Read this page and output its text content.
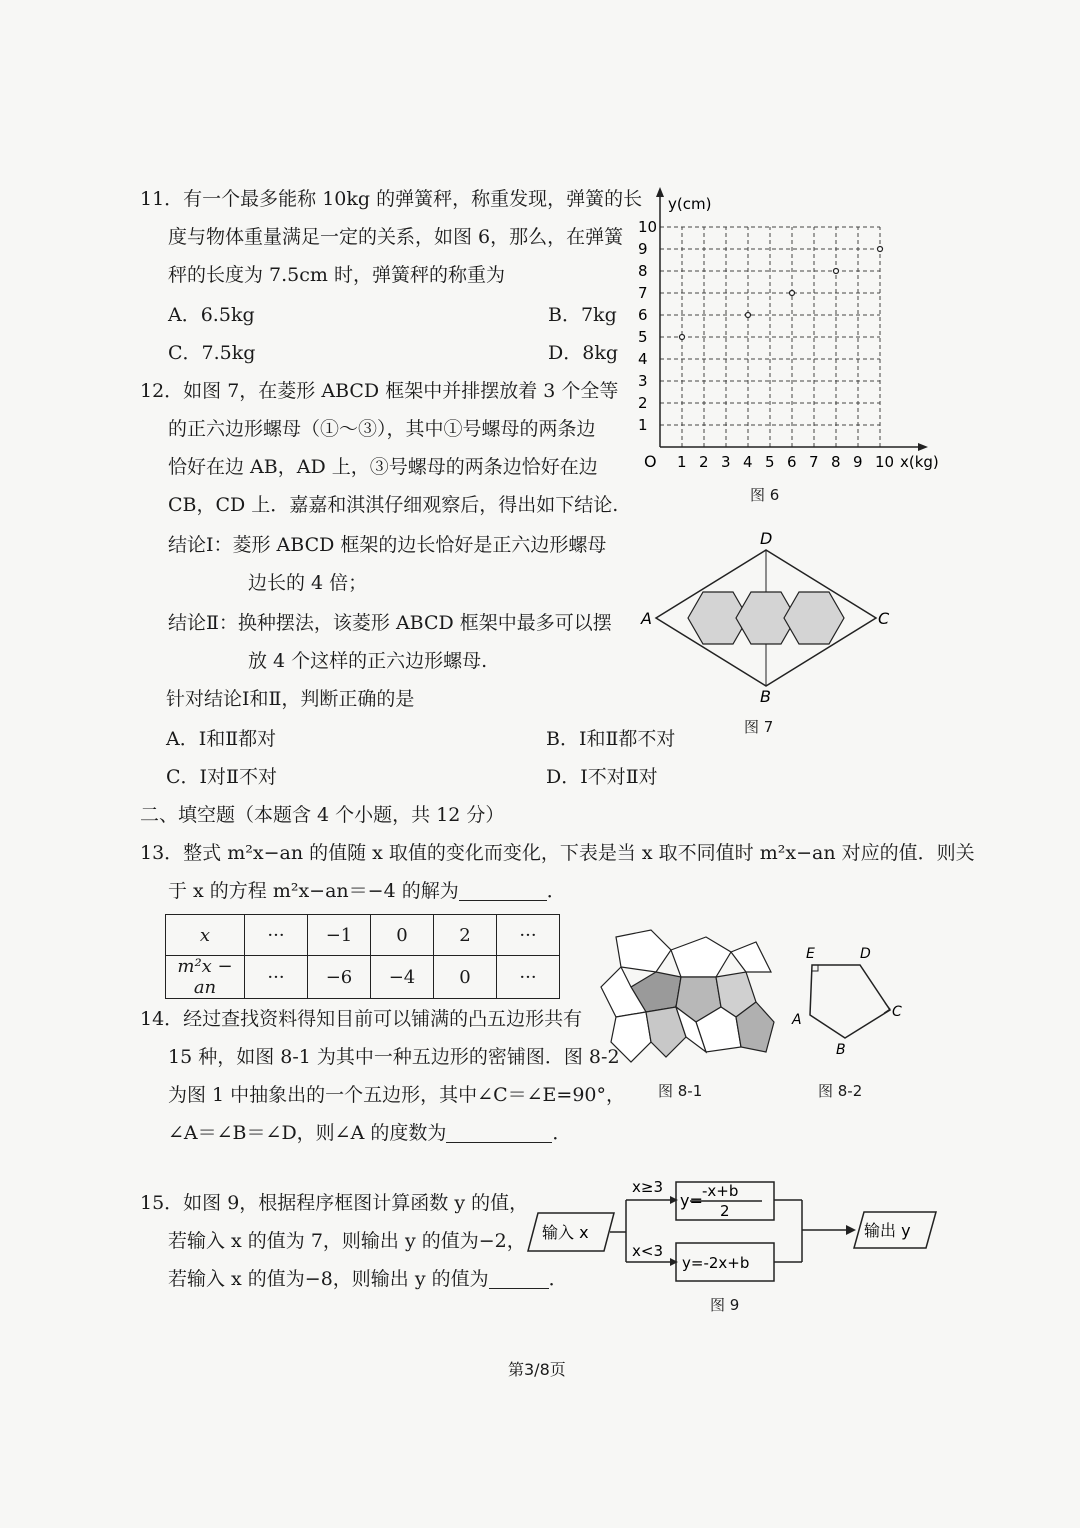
11．有一个最多能称 10kg 的弹簧秤，称重发现，弹簧的长
度与物体重量满足一定的关系，如图 6，那么，在弹簧
秤的长度为 7.5cm 时，弹簧秤的称重为
A．6.5kg	B．7kg
C．7.5kg	D．8kg
1 2 3 4 5 6 7 8 9 10
1
2
3
4
5
6
7
8
9
10
y(cm)
x(kg)
O
图 6
12．如图 7，在菱形 ABCD 框架中并排摆放着 3 个全等
的正六边形螺母（①～③），其中①号螺母的两条边
恰好在边 AB，AD 上，③号螺母的两条边恰好在边
CB，CD 上．嘉嘉和淇淇仔细观察后，得出如下结论.
结论Ⅰ：菱形 ABCD 框架的边长恰好是正六边形螺母
边长的 4 倍；
结论Ⅱ：换种摆法，该菱形 ABCD 框架中最多可以摆
放 4 个这样的正六边形螺母.
针对结论Ⅰ和Ⅱ，判断正确的是
A．Ⅰ和Ⅱ都对	B．Ⅰ和Ⅱ都不对
C．Ⅰ对Ⅱ不对	D．Ⅰ不对Ⅱ对
D
A	C
B
图 7
二、填空题（本题含 4 个小题，共 12 分）
13．整式 m²x−an 的值随 x 取值的变化而变化，下表是当 x 取不同值时 m²x−an 对应的值．则关
于 x 的方程 m²x−an＝−4 的解为	．
x	···	−1	0	2	···
m²x − an	···	−6	−4	0	···
14．经过查找资料得知目前可以铺满的凸五边形共有
15 种，如图 8-1 为其中一种五边形的密铺图．图 8-2
为图 1 中抽象出的一个五边形，其中∠C＝∠E=90°，
∠A＝∠B＝∠D，则∠A 的度数为	．
图 8-1
E	D
C
A
B
图 8-2
15．如图 9，根据程序框图计算函数 y 的值，
若输入 x 的值为 7，则输出 y 的值为−2，
若输入 x 的值为−8，则输出 y 的值为	．
输入 x	输出 y
x≥3
x<3
y= -x+b
2
y=-2x+b
图 9
第3/8页
